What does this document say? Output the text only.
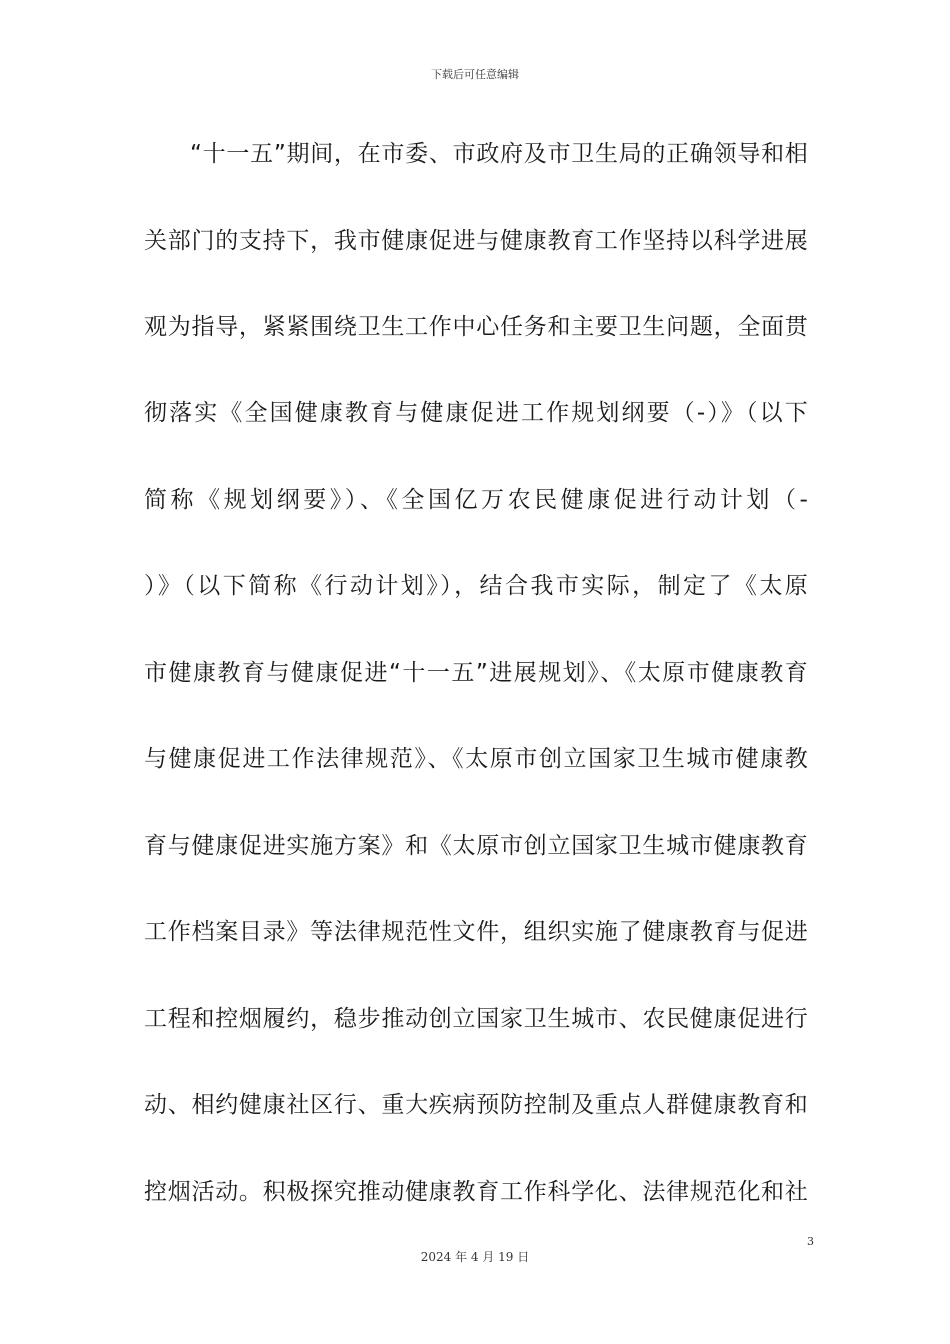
下载后可任意编辑
“十一五”期间，在市委、市政府及市卫生局的正确领导和相
关部门的支持下，我市健康促进与健康教育工作坚持以科学进展
观为指导，紧紧围绕卫生工作中心任务和主要卫生问题，全面贯
彻落实《全国健康教育与健康促进工作规划纲要（-）》（以下
简称《规划纲要》）、《全国亿万农民健康促进行动计划（-
）》（以下简称《行动计划》），结合我市实际，制定了《太原
市健康教育与健康促进“十一五”进展规划》、《太原市健康教育
与健康促进工作法律规范》、《太原市创立国家卫生城市健康教
育与健康促进实施方案》和《太原市创立国家卫生城市健康教育
工作档案目录》等法律规范性文件，组织实施了健康教育与促进
工程和控烟履约，稳步推动创立国家卫生城市、农民健康促进行
动、相约健康社区行、重大疾病预防控制及重点人群健康教育和
控烟活动。积极探究推动健康教育工作科学化、法律规范化和社
3
2024 年 4 月 19 日
